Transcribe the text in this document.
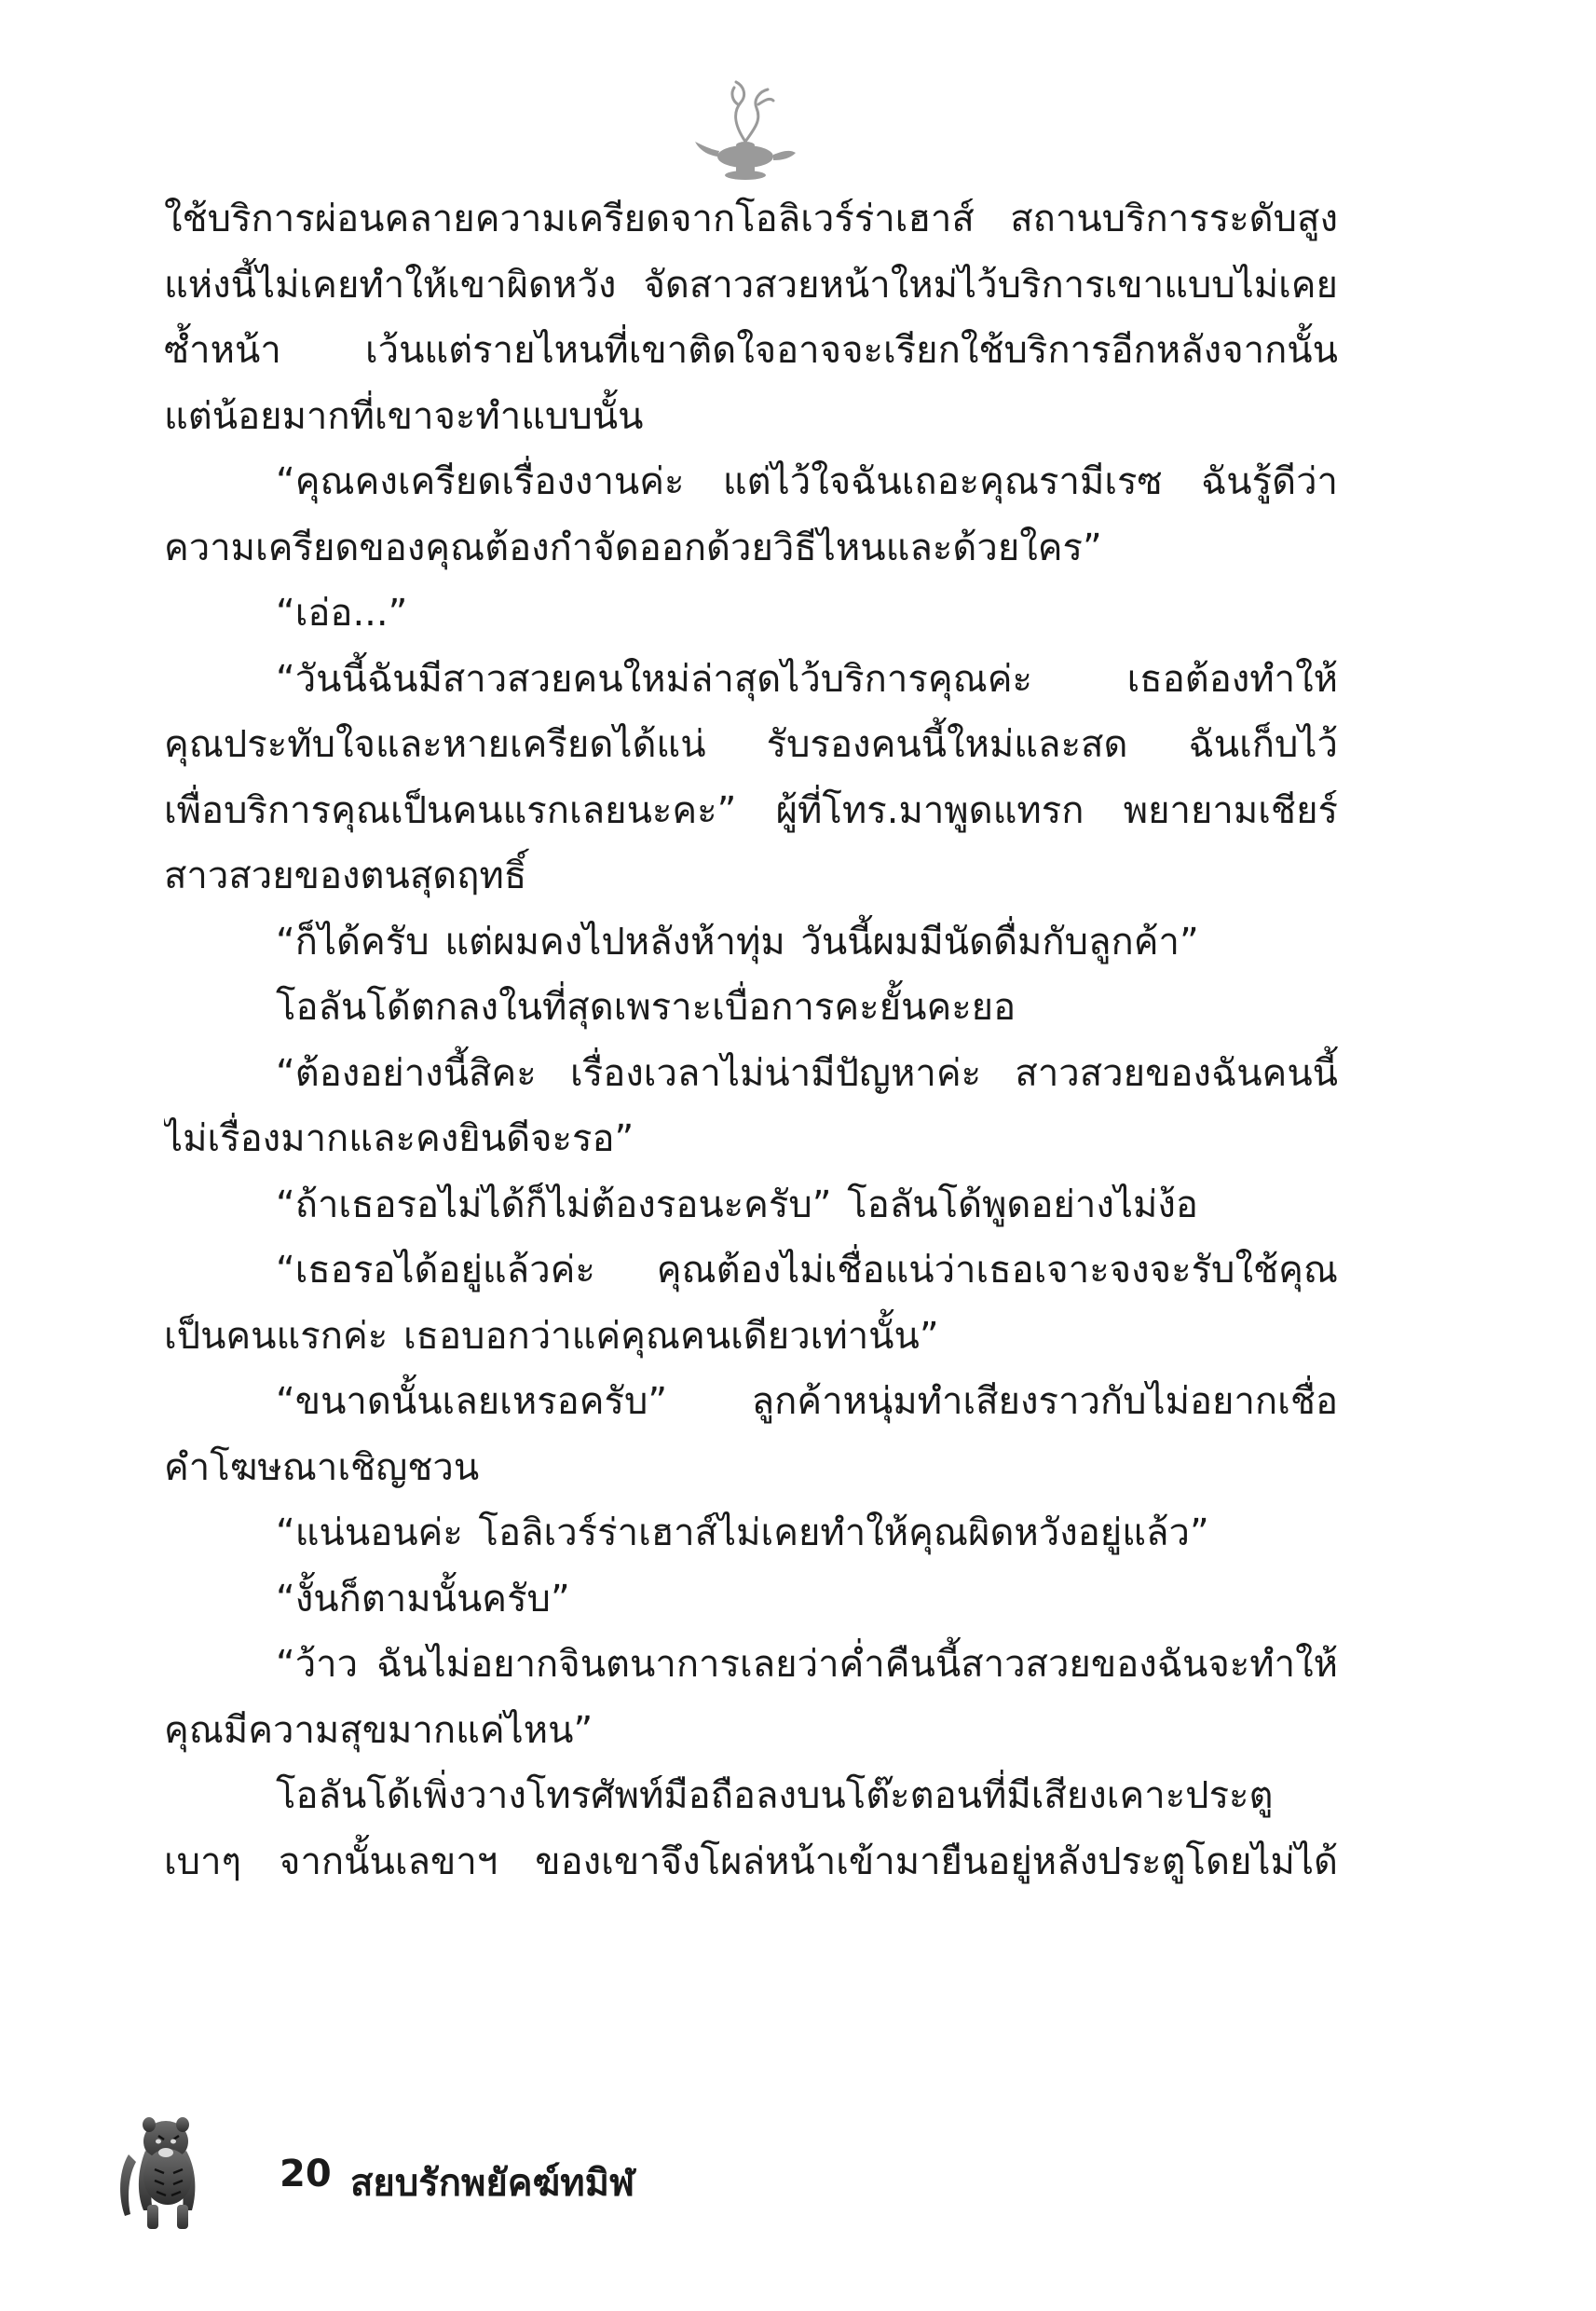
ใช้บริการผ่อนคลายความเครียดจากโอลิเวร์ร่าเฮาส์ สถานบริการระดับสูง
แห่งนี้ไม่เคยทำให้เขาผิดหวัง จัดสาวสวยหน้าใหม่ไว้บริการเขาแบบไม่เคย
ซ้ำหน้า เว้นแต่รายไหนที่เขาติดใจอาจจะเรียกใช้บริการอีกหลังจากนั้น
แต่น้อยมากที่เขาจะทำแบบนั้น
“คุณคงเครียดเรื่องงานค่ะ แต่ไว้ใจฉันเถอะคุณรามีเรซ ฉันรู้ดีว่า
ความเครียดของคุณต้องกำจัดออกด้วยวิธีไหนและด้วยใคร”
“เอ่อ...”
“วันนี้ฉันมีสาวสวยคนใหม่ล่าสุดไว้บริการคุณค่ะ เธอต้องทำให้
คุณประทับใจและหายเครียดได้แน่ รับรองคนนี้ใหม่และสด ฉันเก็บไว้
เพื่อบริการคุณเป็นคนแรกเลยนะคะ” ผู้ที่โทร.มาพูดแทรก พยายามเชียร์
สาวสวยของตนสุดฤทธิ์
“ก็ได้ครับ แต่ผมคงไปหลังห้าทุ่ม วันนี้ผมมีนัดดื่มกับลูกค้า”
โอลันโด้ตกลงในที่สุดเพราะเบื่อการคะยั้นคะยอ
“ต้องอย่างนี้สิคะ เรื่องเวลาไม่น่ามีปัญหาค่ะ สาวสวยของฉันคนนี้
ไม่เรื่องมากและคงยินดีจะรอ”
“ถ้าเธอรอไม่ได้ก็ไม่ต้องรอนะครับ” โอลันโด้พูดอย่างไม่ง้อ
“เธอรอได้อยู่แล้วค่ะ คุณต้องไม่เชื่อแน่ว่าเธอเจาะจงจะรับใช้คุณ
เป็นคนแรกค่ะ เธอบอกว่าแค่คุณคนเดียวเท่านั้น”
“ขนาดนั้นเลยเหรอครับ” ลูกค้าหนุ่มทำเสียงราวกับไม่อยากเชื่อ
คำโฆษณาเชิญชวน
“แน่นอนค่ะ โอลิเวร์ร่าเฮาส์ไม่เคยทำให้คุณผิดหวังอยู่แล้ว”
“งั้นก็ตามนั้นครับ”
“ว้าว ฉันไม่อยากจินตนาการเลยว่าค่ำคืนนี้สาวสวยของฉันจะทำให้
คุณมีความสุขมากแค่ไหน”
โอลันโด้เพิ่งวางโทรศัพท์มือถือลงบนโต๊ะตอนที่มีเสียงเคาะประตู
เบาๆ จากนั้นเลขาฯ ของเขาจึงโผล่หน้าเข้ามายืนอยู่หลังประตูโดยไม่ได้
20 สยบรักพยัคฆ์ทมิฬ
